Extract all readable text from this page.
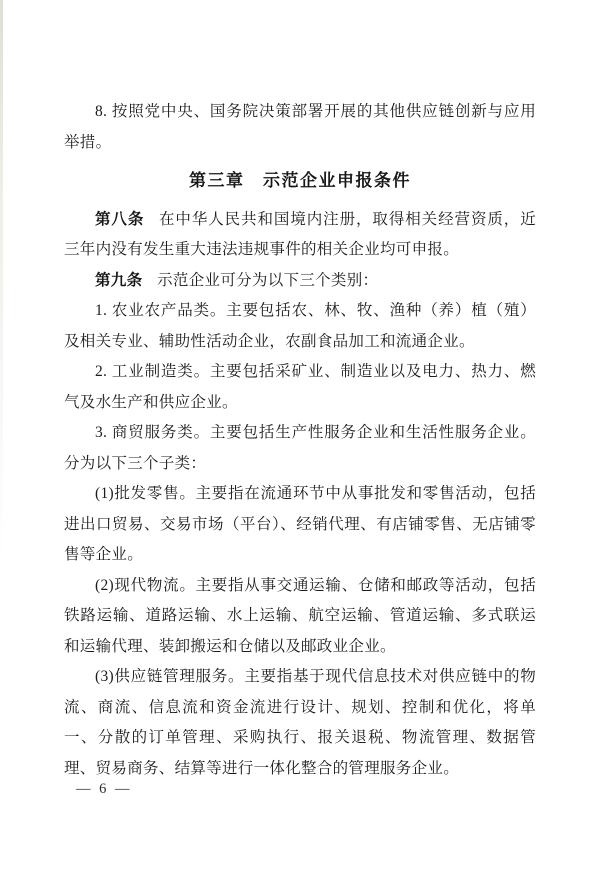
8. 按照党中央、国务院决策部署开展的其他供应链创新与应用举措。

第三章　示范企业申报条件

第八条 在中华人民共和国境内注册，取得相关经营资质，近三年内没有发生重大违法违规事件的相关企业均可申报。

第九条 示范企业可分为以下三个类别：

1. 农业农产品类。主要包括农、林、牧、渔种（养）植（殖）及相关专业、辅助性活动企业，农副食品加工和流通企业。

2. 工业制造类。主要包括采矿业、制造业以及电力、热力、燃气及水生产和供应企业。

3. 商贸服务类。主要包括生产性服务企业和生活性服务企业。分为以下三个子类：

(1)批发零售。主要指在流通环节中从事批发和零售活动，包括进出口贸易、交易市场（平台）、经销代理、有店铺零售、无店铺零售等企业。

(2)现代物流。主要指从事交通运输、仓储和邮政等活动，包括铁路运输、道路运输、水上运输、航空运输、管道运输、多式联运和运输代理、装卸搬运和仓储以及邮政业企业。

(3)供应链管理服务。主要指基于现代信息技术对供应链中的物流、商流、信息流和资金流进行设计、规划、控制和优化，将单一、分散的订单管理、采购执行、报关退税、物流管理、数据管理、贸易商务、结算等进行一体化整合的管理服务企业。

— 6 —
